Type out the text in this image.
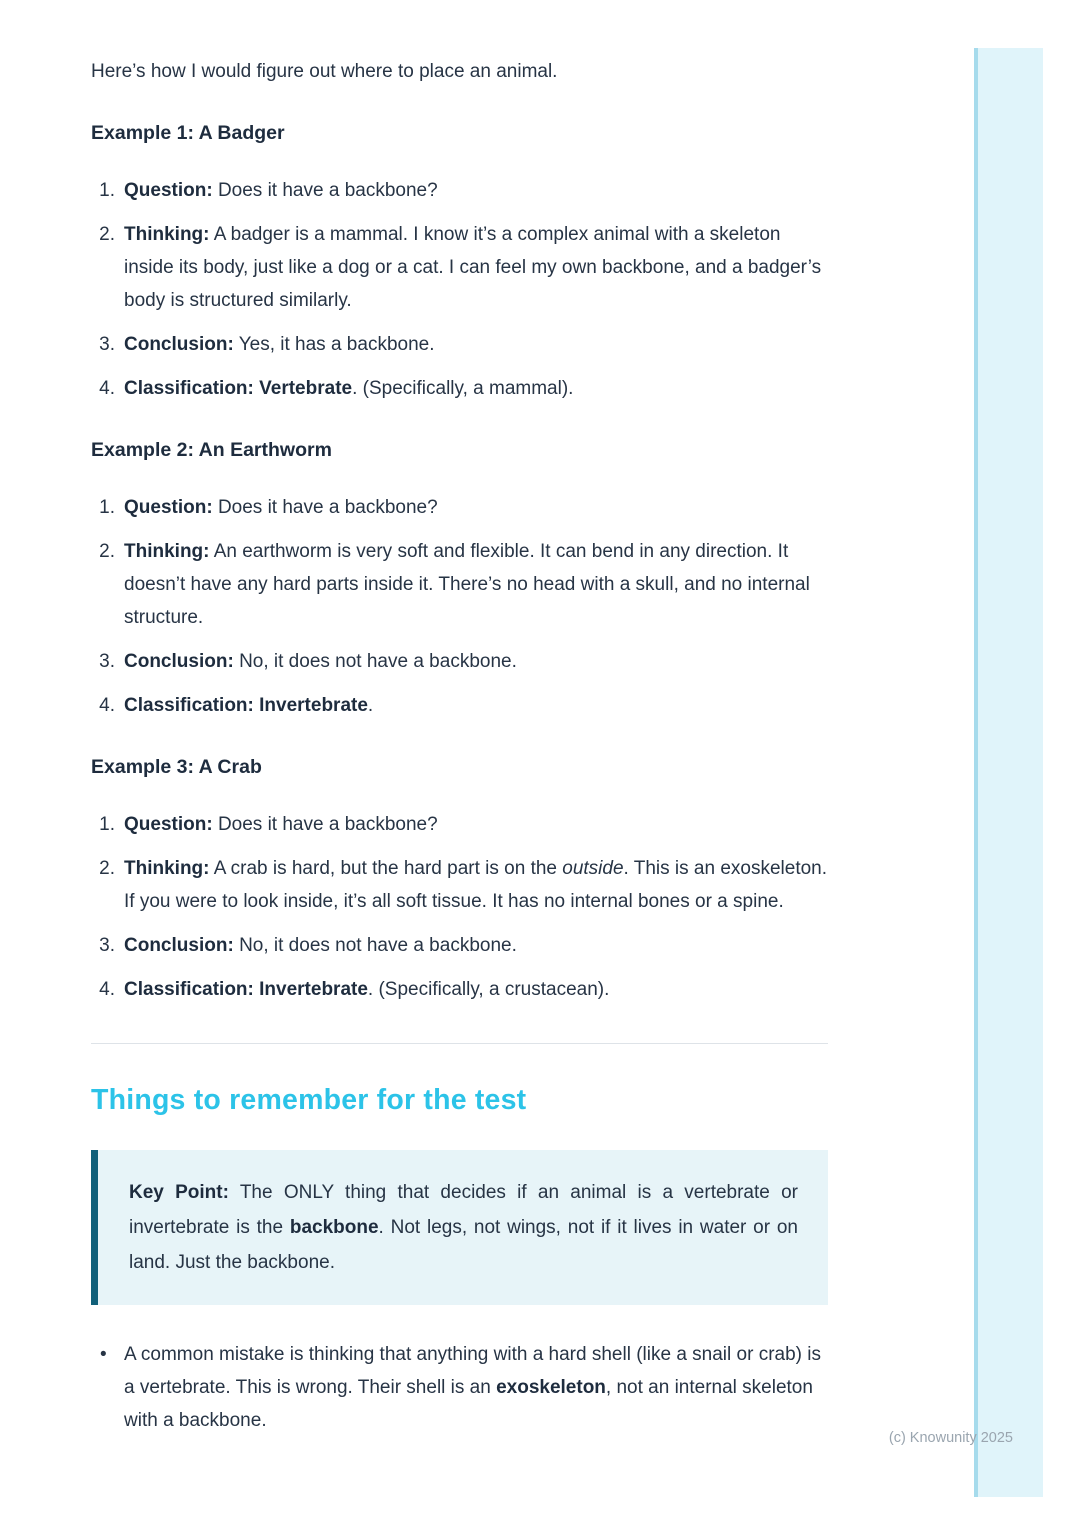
Here’s how I would figure out where to place an animal.

Example 1: A Badger
Question: Does it have a backbone?
Thinking: A badger is a mammal. I know it’s a complex animal with a skeleton inside its body, just like a dog or a cat. I can feel my own backbone, and a badger’s body is structured similarly.
Conclusion: Yes, it has a backbone.
Classification: Vertebrate. (Specifically, a mammal).
Example 2: An Earthworm
Question: Does it have a backbone?
Thinking: An earthworm is very soft and flexible. It can bend in any direction. It doesn’t have any hard parts inside it. There’s no head with a skull, and no internal structure.
Conclusion: No, it does not have a backbone.
Classification: Invertebrate.
Example 3: A Crab
Question: Does it have a backbone?
Thinking: A crab is hard, but the hard part is on the outside. This is an exoskeleton. If you were to look inside, it’s all soft tissue. It has no internal bones or a spine.
Conclusion: No, it does not have a backbone.
Classification: Invertebrate. (Specifically, a crustacean).
Things to remember for the test

Key Point: The ONLY thing that decides if an animal is a vertebrate or invertebrate is the backbone. Not legs, not wings, not if it lives in water or on land. Just the backbone.

• A common mistake is thinking that anything with a hard shell (like a snail or crab) is a vertebrate. This is wrong. Their shell is an exoskeleton, not an internal skeleton with a backbone.
(c) Knowunity 2025
